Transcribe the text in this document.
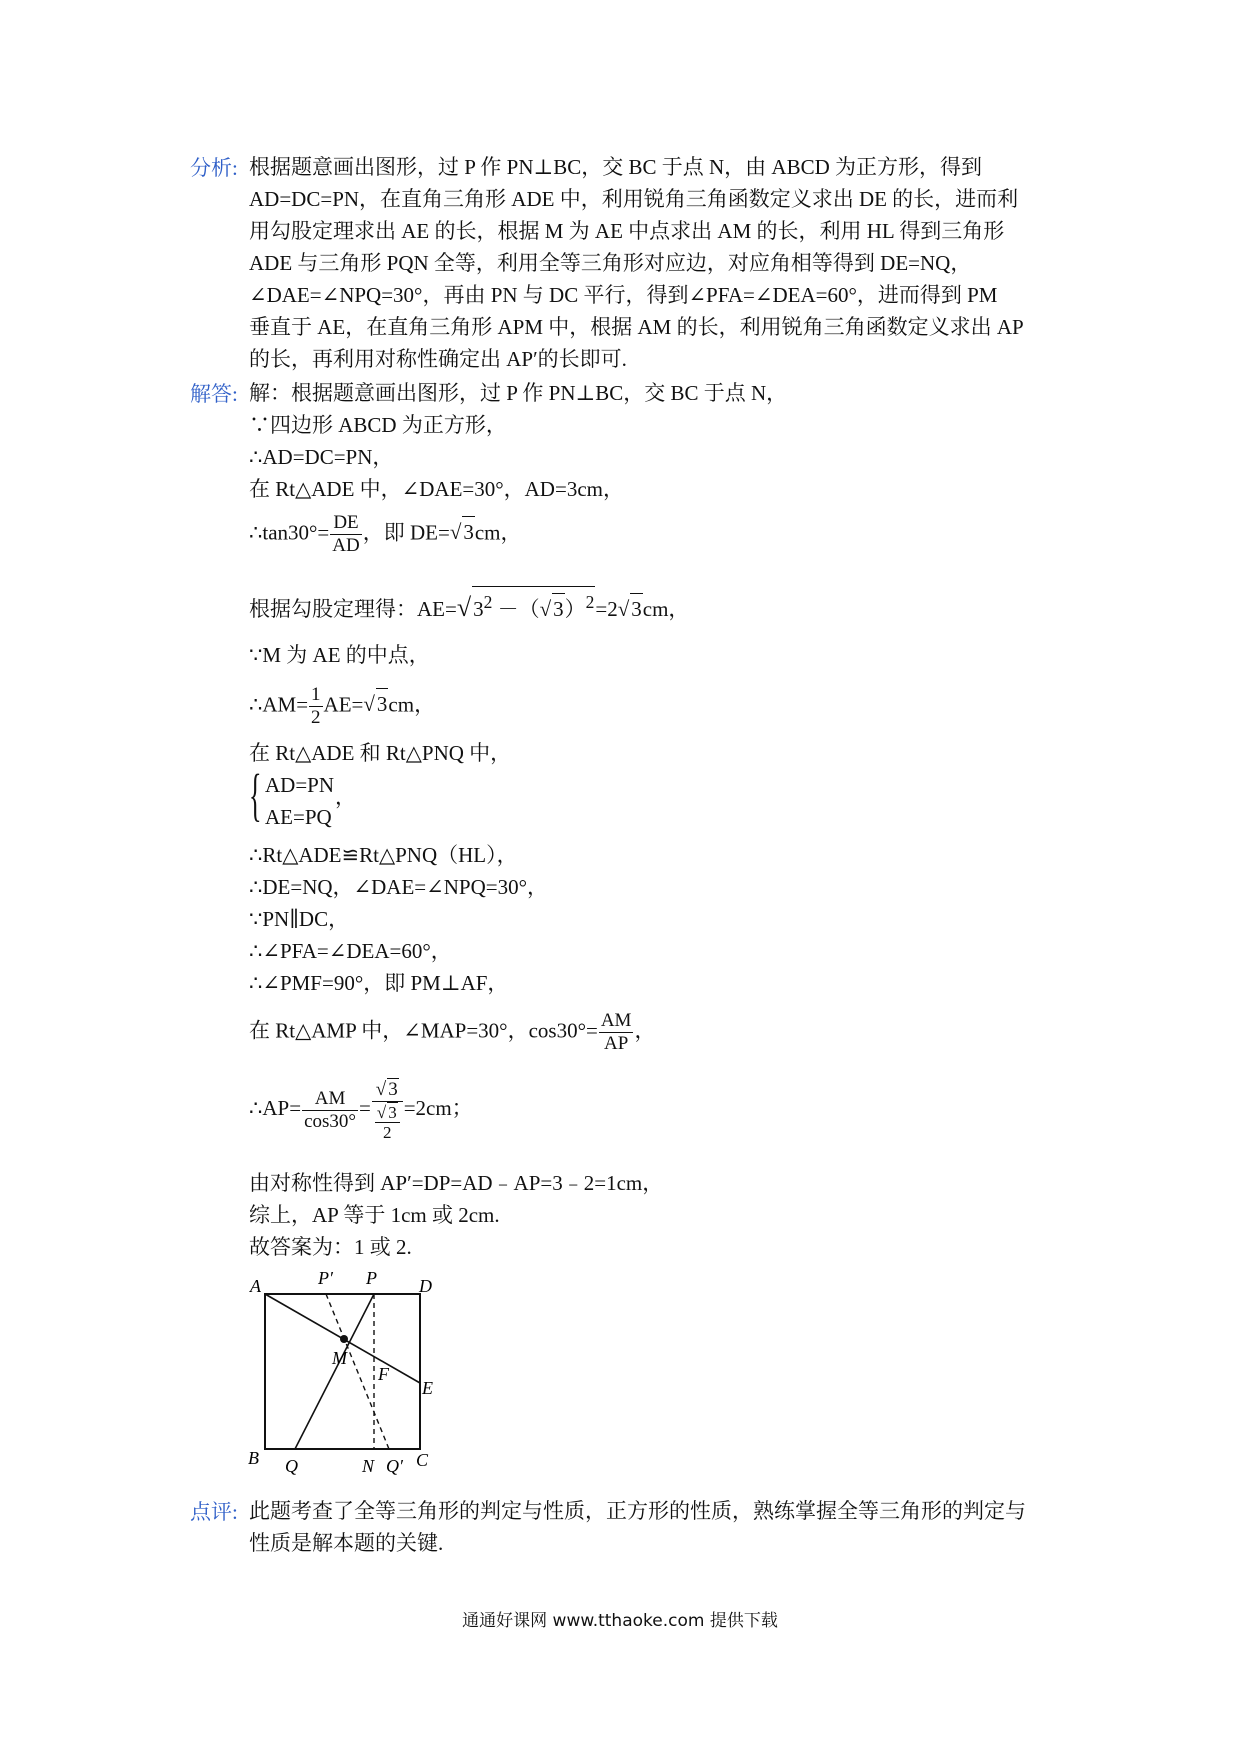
分析: 根据题意画出图形，过 P 作 PN⊥BC，交 BC 于点 N，由 ABCD 为正方形，得到
AD=DC=PN，在直角三角形 ADE 中，利用锐角三角函数定义求出 DE 的长，进而利
用勾股定理求出 AE 的长，根据 M 为 AE 中点求出 AM 的长，利用 HL 得到三角形
ADE 与三角形 PQN 全等，利用全等三角形对应边，对应角相等得到 DE=NQ，
∠DAE=∠NPQ=30°，再由 PN 与 DC 平行，得到∠PFA=∠DEA=60°，进而得到 PM
垂直于 AE，在直角三角形 APM 中，根据 AM 的长，利用锐角三角函数定义求出 AP
的长，再利用对称性确定出 AP′的长即可.
解答: 解：根据题意画出图形，过 P 作 PN⊥BC，交 BC 于点 N，
∵四边形 ABCD 为正方形，
∴AD=DC=PN，
在 Rt△ADE 中，∠DAE=30°，AD=3cm，
∴tan30°= $\frac{DE}{AD}$ ，即 DE=√3cm，
根据勾股定理得：$AE=√3^2 -(√3)^2=2√3cm$，
∵M 为 AE 的中点，
∴AM= $\frac{1}{2} AE=√3cm$，
在 Rt△ADE 和 Rt△PNQ 中，
{ AD=PN
AE=PQ
，
∴Rt△ADE≌Rt△PNQ（HL），
∴DE=NQ，∠DAE=∠NPQ=30°，
∵PN∥DC，
∴∠PFA=∠DEA=60°，
∴∠PMF=90°，即 PM⊥AF，
在 Rt△AMP 中，∠MAP=30°，$\cos 30^\circ= \frac{AM}{AP}$ ，
∴AP= $\frac{AM}{\cos 30^\circ} = \frac{√ 3}{\frac{√ 3}{2}} =2cm$；
由对称性得到 AP′=DP=AD﹣AP=3﹣2=1cm，
综上，AP 等于 1cm 或 2cm.
故答案为：1 或 2.
A	P′ P D
M
F
E
B Q	N Q′ C
点评: 此题考查了全等三角形的判定与性质，正方形的性质，熟练掌握全等三角形的判定与
性质是解本题的关键.
通通好课网 www.tthaoke.com 提供下载
